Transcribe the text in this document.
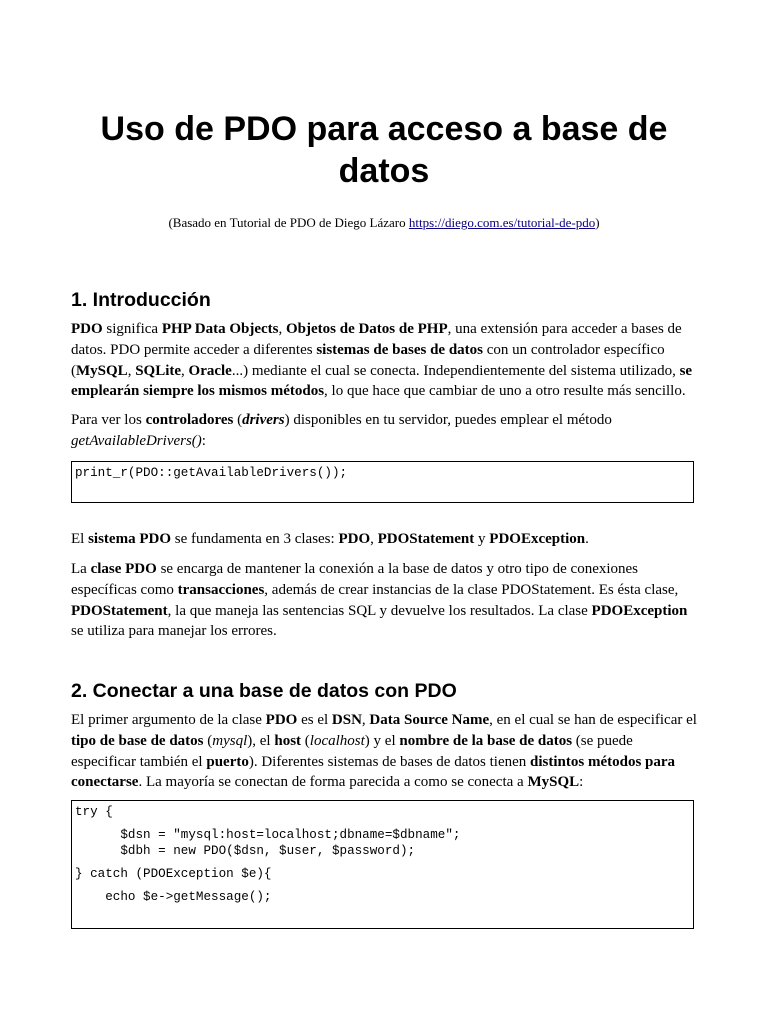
Uso de PDO para acceso a base de datos

(Basado en Tutorial de PDO de Diego Lázaro https://diego.com.es/tutorial-de-pdo)

1. Introducción

PDO significa PHP Data Objects, Objetos de Datos de PHP, una extensión para acceder a bases de datos. PDO permite acceder a diferentes sistemas de bases de datos con un controlador específico (MySQL, SQLite, Oracle...) mediante el cual se conecta. Independientemente del sistema utilizado, se emplearán siempre los mismos métodos, lo que hace que cambiar de uno a otro resulte más sencillo.

Para ver los controladores (drivers) disponibles en tu servidor, puedes emplear el método getAvailableDrivers():

print_r(PDO::getAvailableDrivers());

El sistema PDO se fundamenta en 3 clases: PDO, PDOStatement y PDOException.

La clase PDO se encarga de mantener la conexión a la base de datos y otro tipo de conexiones específicas como transacciones, además de crear instancias de la clase PDOStatement. Es ésta clase, PDOStatement, la que maneja las sentencias SQL y devuelve los resultados. La clase PDOException se utiliza para manejar los errores.

2. Conectar a una base de datos con PDO

El primer argumento de la clase PDO es el DSN, Data Source Name, en el cual se han de especificar el tipo de base de datos (mysql), el host (localhost) y el nombre de la base de datos (se puede especificar también el puerto). Diferentes sistemas de bases de datos tienen distintos métodos para conectarse. La mayoría se conectan de forma parecida a como se conecta a MySQL:

try {
$dsn = "mysql:host=localhost;dbname=$dbname";
$dbh = new PDO($dsn, $user, $password);
} catch (PDOException $e){
echo $e->getMessage();
